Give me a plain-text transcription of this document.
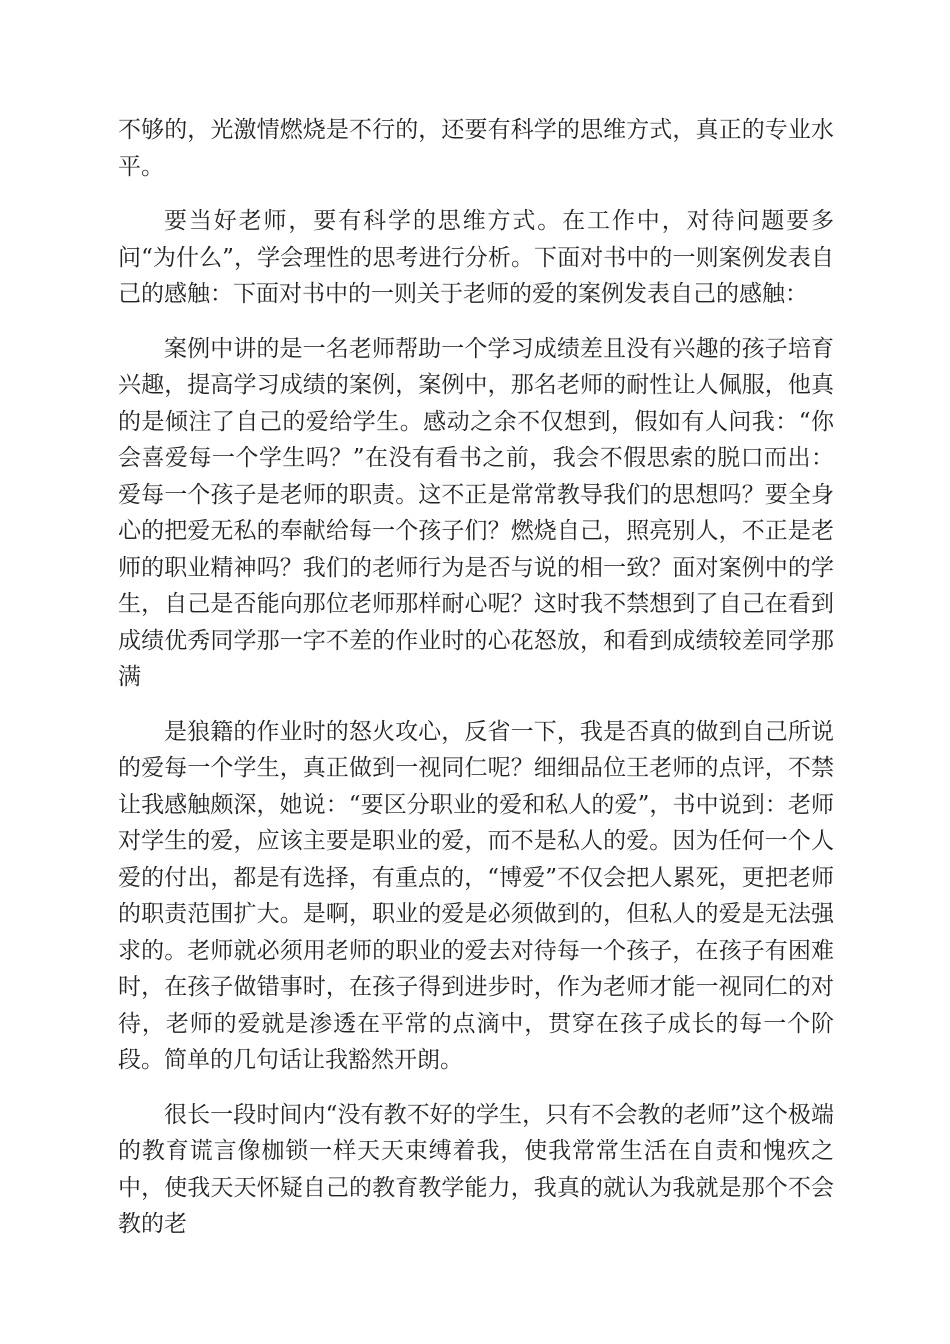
不够的，光激情燃烧是不行的，还要有科学的思维方式，真正的专业水平。

要当好老师，要有科学的思维方式。在工作中，对待问题要多问“为什么”，学会理性的思考进行分析。下面对书中的一则案例发表自己的感触：下面对书中的一则关于老师的爱的案例发表自己的感触：

案例中讲的是一名老师帮助一个学习成绩差且没有兴趣的孩子培育兴趣，提高学习成绩的案例，案例中，那名老师的耐性让人佩服，他真的是倾注了自己的爱给学生。感动之余不仅想到，假如有人问我：“你会喜爱每一个学生吗？”在没有看书之前，我会不假思索的脱口而出：爱每一个孩子是老师的职责。这不正是常常教导我们的思想吗？要全身心的把爱无私的奉献给每一个孩子们？燃烧自己，照亮别人，不正是老师的职业精神吗？我们的老师行为是否与说的相一致？面对案例中的学生，自己是否能向那位老师那样耐心呢？这时我不禁想到了自己在看到成绩优秀同学那一字不差的作业时的心花怒放，和看到成绩较差同学那满

是狼籍的作业时的怒火攻心，反省一下，我是否真的做到自己所说的爱每一个学生，真正做到一视同仁呢？细细品位王老师的点评，不禁让我感触颇深，她说：“要区分职业的爱和私人的爱”，书中说到：老师对学生的爱，应该主要是职业的爱，而不是私人的爱。因为任何一个人爱的付出，都是有选择，有重点的，“博爱”不仅会把人累死，更把老师的职责范围扩大。是啊，职业的爱是必须做到的，但私人的爱是无法强求的。老师就必须用老师的职业的爱去对待每一个孩子，在孩子有困难时，在孩子做错事时，在孩子得到进步时，作为老师才能一视同仁的对待，老师的爱就是渗透在平常的点滴中，贯穿在孩子成长的每一个阶段。简单的几句话让我豁然开朗。

很长一段时间内“没有教不好的学生，只有不会教的老师”这个极端的教育谎言像枷锁一样天天束缚着我，使我常常生活在自责和愧疚之中，使我天天怀疑自己的教育教学能力，我真的就认为我就是那个不会教的老
